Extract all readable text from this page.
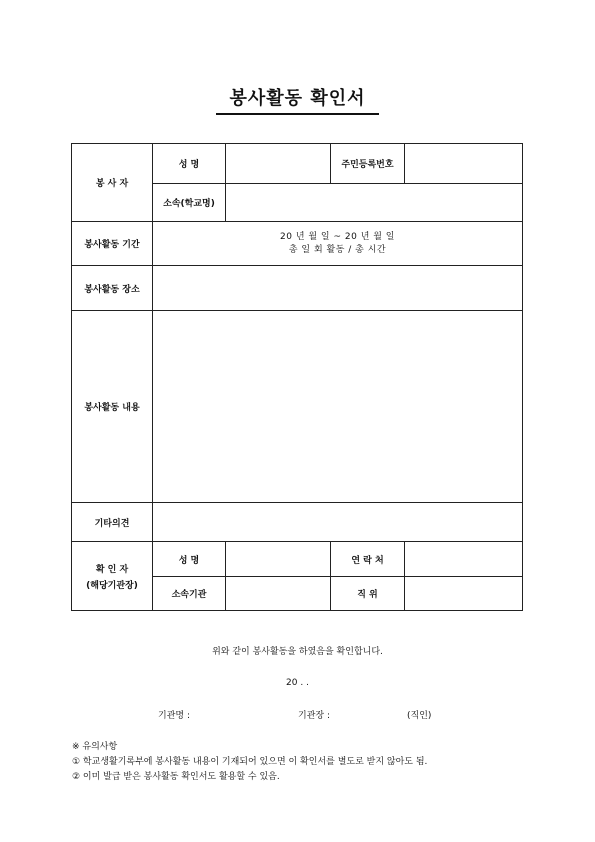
봉사활동 확인서
봉 사 자	성 명		주민등록번호	
	소속(학교명)			
봉사활동 기간	20 년 월 일 ~ 20 년 월 일
총 일 회 활동 / 총 시간			

봉사활동 장소				
봉사활동 내용				
기타의견				

확 인 자
(해당기관장)	성 명		연 락 처	
	소속기관		직 위	
위와 같이 봉사활동을 하였음을 확인합니다.
20 . .
기관명 :	기관장 :	(직인)
※ 유의사항
① 학교생활기록부에 봉사활동 내용이 기재되어 있으면 이 확인서를 별도로 받지 않아도 됨.
② 이미 발급 받은 봉사활동 확인서도 활용할 수 있음.
